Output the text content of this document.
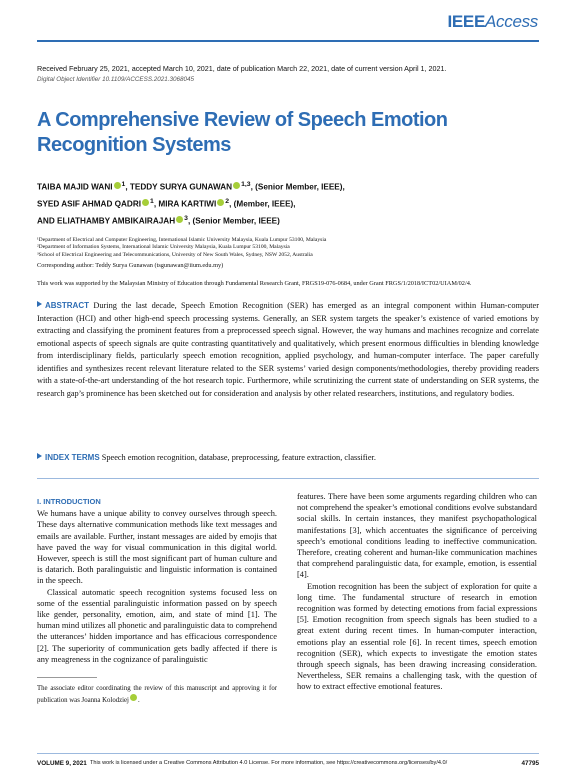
IEEEAccess
Received February 25, 2021, accepted March 10, 2021, date of publication March 22, 2021, date of current version April 1, 2021.
Digital Object Identifier 10.1109/ACCESS.2021.3068045
A Comprehensive Review of Speech Emotion Recognition Systems
TAIBA MAJID WANI $^1$, TEDDY SURYA GUNAWAN $^{1,3}$, (Senior Member, IEEE),
SYED ASIF AHMAD QADRI $^1$, MIRA KARTIWI $^2$, (Member, IEEE),
AND ELIATHAMBY AMBIKAIRAJAH $^3$, (Senior Member, IEEE)
¹Department of Electrical and Computer Engineering, International Islamic University Malaysia, Kuala Lumpur 53100, Malaysia
²Department of Information Systems, International Islamic University Malaysia, Kuala Lumpur 53100, Malaysia
³School of Electrical Engineering and Telecommunications, University of New South Wales, Sydney, NSW 2052, Australia
Corresponding author: Teddy Surya Gunawan (tsgunawan@iium.edu.my)
This work was supported by the Malaysian Ministry of Education through Fundamental Research Grant, FRGS19-076-0684, under Grant FRGS/1/2018/ICT02/UIAM/02/4.
ABSTRACT During the last decade, Speech Emotion Recognition (SER) has emerged as an integral component within Human-computer Interaction (HCI) and other high-end speech processing systems. Generally, an SER system targets the speaker’s existence of varied emotions by extracting and classifying the prominent features from a preprocessed speech signal. However, the way humans and machines recognize and correlate emotional aspects of speech signals are quite contrasting quantitatively and qualitatively, which present enormous difficulties in blending knowledge from interdisciplinary fields, particularly speech emotion recognition, applied psychology, and human-computer interface. The paper carefully identifies and synthesizes recent relevant literature related to the SER systems’ varied design components/methodologies, thereby providing readers with a state-of-the-art understanding of the hot research topic. Furthermore, while scrutinizing the current state of understanding on SER systems, the research gap’s prominence has been sketched out for consideration and analysis by other related researchers, institutions, and regulatory bodies.
INDEX TERMS Speech emotion recognition, database, preprocessing, feature extraction, classifier.
I. INTRODUCTION

We humans have a unique ability to convey ourselves through speech. These days alternative communication methods like text messages and emails are available. Further, instant messages are aided by emojis that have paved the way for visual communication in this digital world. However, speech is still the most significant part of human culture and is datarich. Both paralinguistic and linguistic information is contained in the speech.

Classical automatic speech recognition systems focused less on some of the essential paralinguistic information passed on by speech like gender, personality, emotion, aim, and state of mind [1]. The human mind utilizes all phonetic and paralinguistic data to comprehend the utterances’ hidden importance and has efficacious correspondence [2]. The superiority of communication gets badly affected if there is any meagreness in the cognizance of paralinguistic

features. There have been some arguments regarding children who can not comprehend the speaker’s emotional conditions evolve substandard social skills. In certain instances, they manifest psychopathological manifestations [3], which accentuates the significance of perceiving speech’s emotional conditions leading to ineffective communication. Therefore, creating coherent and human-like communication machines that comprehend paralinguistic data, for example, emotion, is essential [4].

Emotion recognition has been the subject of exploration for quite a long time. The fundamental structure of research in emotion recognition was formed by detecting emotions from facial expressions [5]. Emotion recognition from speech signals has been studied to a great extent during recent times. In human-computer interaction, emotions play an essential role [6]. In recent times, speech emotion recognition (SER), which expects to investigate the emotion states through speech signals, has been drawing increasing consideration. Nevertheless, SER remains a challenging task, with the question of how to extract effective emotional features.

The associate editor coordinating the review of this manuscript and approving it for publication was Joanna Kolodziej .
VOLUME 9, 2021 This work is licensed under a Creative Commons Attribution 4.0 License. For more information, see https://creativecommons.org/licenses/by/4.0/	47795
